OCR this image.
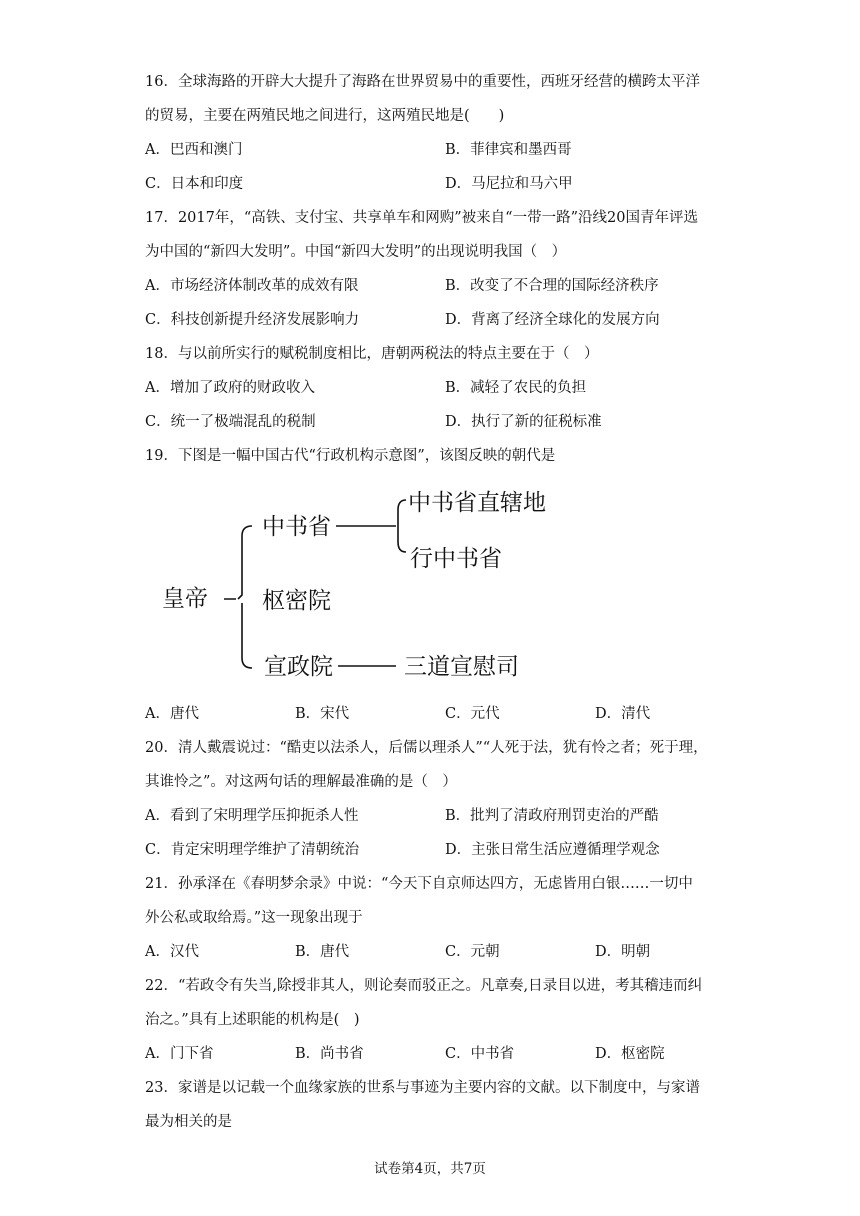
16．全球海路的开辟大大提升了海路在世界贸易中的重要性，西班牙经营的横跨太平洋
的贸易，主要在两殖民地之间进行，这两殖民地是(　　)
A．巴西和澳门	B．菲律宾和墨西哥
C．日本和印度	D．马尼拉和马六甲
17．2017年，“高铁、支付宝、共享单车和网购”被来自“一带一路”沿线20国青年评选
为中国的“新四大发明”。中国“新四大发明”的出现说明我国（　）
A．市场经济体制改革的成效有限	B．改变了不合理的国际经济秩序
C．科技创新提升经济发展影响力	D．背离了经济全球化的发展方向
18．与以前所实行的赋税制度相比，唐朝两税法的特点主要在于（　）
A．增加了政府的财政收入	B．减轻了农民的负担
C．统一了极端混乱的税制	D．执行了新的征税标准
19．下图是一幅中国古代“行政机构示意图”，该图反映的朝代是
皇帝
中书省
中书省直辖地
行中书省
枢密院
宣政院	三道宣慰司
A．唐代	B．宋代	C．元代	D．清代
20．清人戴震说过：“酷吏以法杀人，后儒以理杀人”“人死于法，犹有怜之者；死于理，
其谁怜之”。对这两句话的理解最准确的是（　）
A．看到了宋明理学压抑扼杀人性	B．批判了清政府刑罚吏治的严酷
C．肯定宋明理学维护了清朝统治	D．主张日常生活应遵循理学观念
21．孙承泽在《春明梦余录》中说：“今天下自京师达四方，无虑皆用白银……一切中
外公私或取给焉。”这一现象出现于
A．汉代	B．唐代	C．元朝	D．明朝
22．“若政令有失当,除授非其人，则论奏而驳正之。凡章奏,日录目以进，考其稽违而纠
治之。”具有上述职能的机构是(　)
A．门下省	B．尚书省	C．中书省	D．枢密院
23．家谱是以记载一个血缘家族的世系与事迹为主要内容的文献。以下制度中，与家谱
最为相关的是
试卷第4页，共7页
